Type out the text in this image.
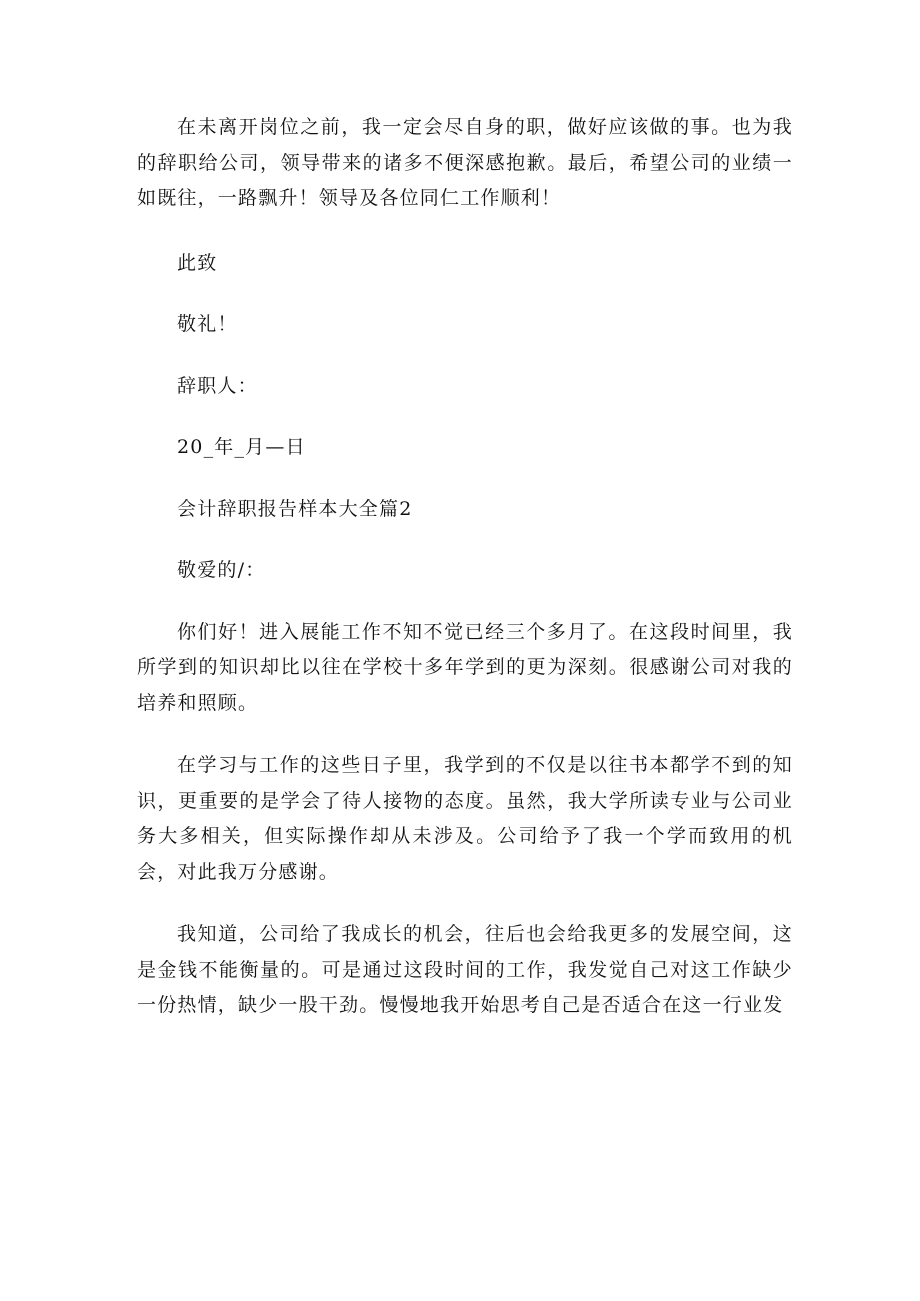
在未离开岗位之前，我一定会尽自身的职，做好应该做的事。也为我的辞职给公司，领导带来的诸多不便深感抱歉。最后，希望公司的业绩一如既往，一路飘升！领导及各位同仁工作顺利！

此致

敬礼！

辞职人：

20_年_月—日

会计辞职报告样本大全篇2

敬爱的/：

你们好！进入展能工作不知不觉已经三个多月了。在这段时间里，我所学到的知识却比以往在学校十多年学到的更为深刻。很感谢公司对我的培养和照顾。

在学习与工作的这些日子里，我学到的不仅是以往书本都学不到的知识，更重要的是学会了待人接物的态度。虽然，我大学所读专业与公司业务大多相关，但实际操作却从未涉及。公司给予了我一个学而致用的机会，对此我万分感谢。

我知道，公司给了我成长的机会，往后也会给我更多的发展空间，这是金钱不能衡量的。可是通过这段时间的工作，我发觉自己对这工作缺少一份热情，缺少一股干劲。慢慢地我开始思考自己是否适合在这一行业发
